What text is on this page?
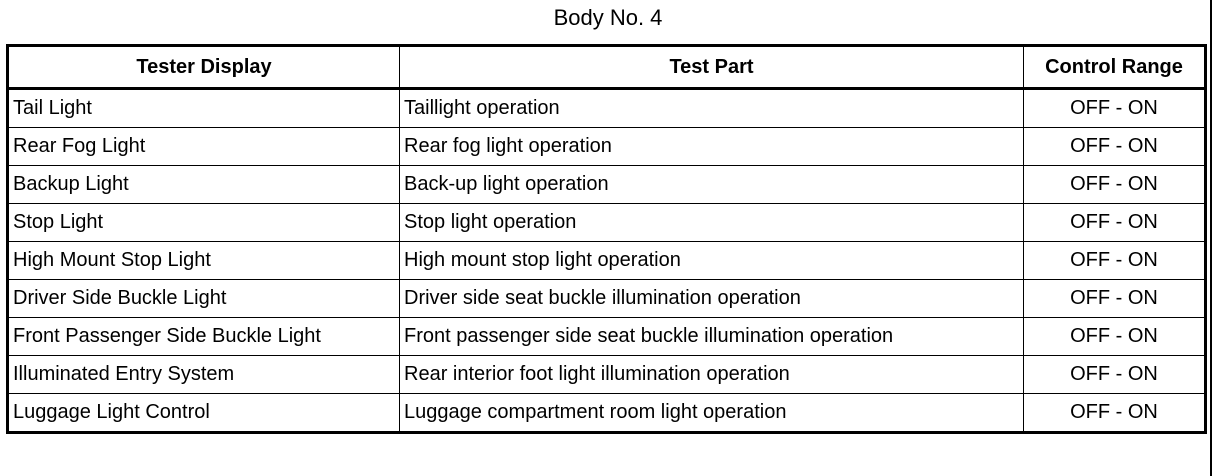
Body No. 4
Tester Display	Test Part	Control Range
Tail Light	Taillight operation	OFF - ON
Rear Fog Light	Rear fog light operation	OFF - ON
Backup Light	Back-up light operation	OFF - ON
Stop Light	Stop light operation	OFF - ON
High Mount Stop Light	High mount stop light operation	OFF - ON
Driver Side Buckle Light	Driver side seat buckle illumination operation	OFF - ON
Front Passenger Side Buckle Light	Front passenger side seat buckle illumination operation	OFF - ON
Illuminated Entry System	Rear interior foot light illumination operation	OFF - ON
Luggage Light Control	Luggage compartment room light operation	OFF - ON
